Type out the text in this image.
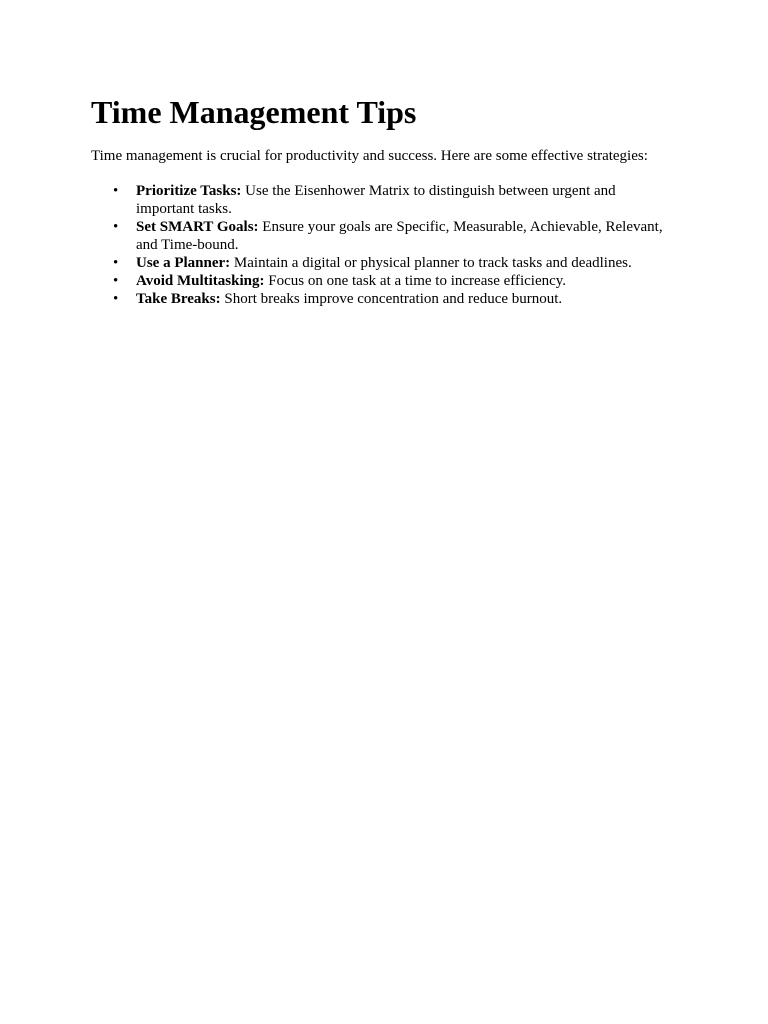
Time Management Tips

Time management is crucial for productivity and success. Here are some effective strategies:

• Prioritize Tasks: Use the Eisenhower Matrix to distinguish between urgent and important tasks.
• Set SMART Goals: Ensure your goals are Specific, Measurable, Achievable, Relevant, and Time-bound.
• Use a Planner: Maintain a digital or physical planner to track tasks and deadlines.
• Avoid Multitasking: Focus on one task at a time to increase efficiency.
• Take Breaks: Short breaks improve concentration and reduce burnout.
